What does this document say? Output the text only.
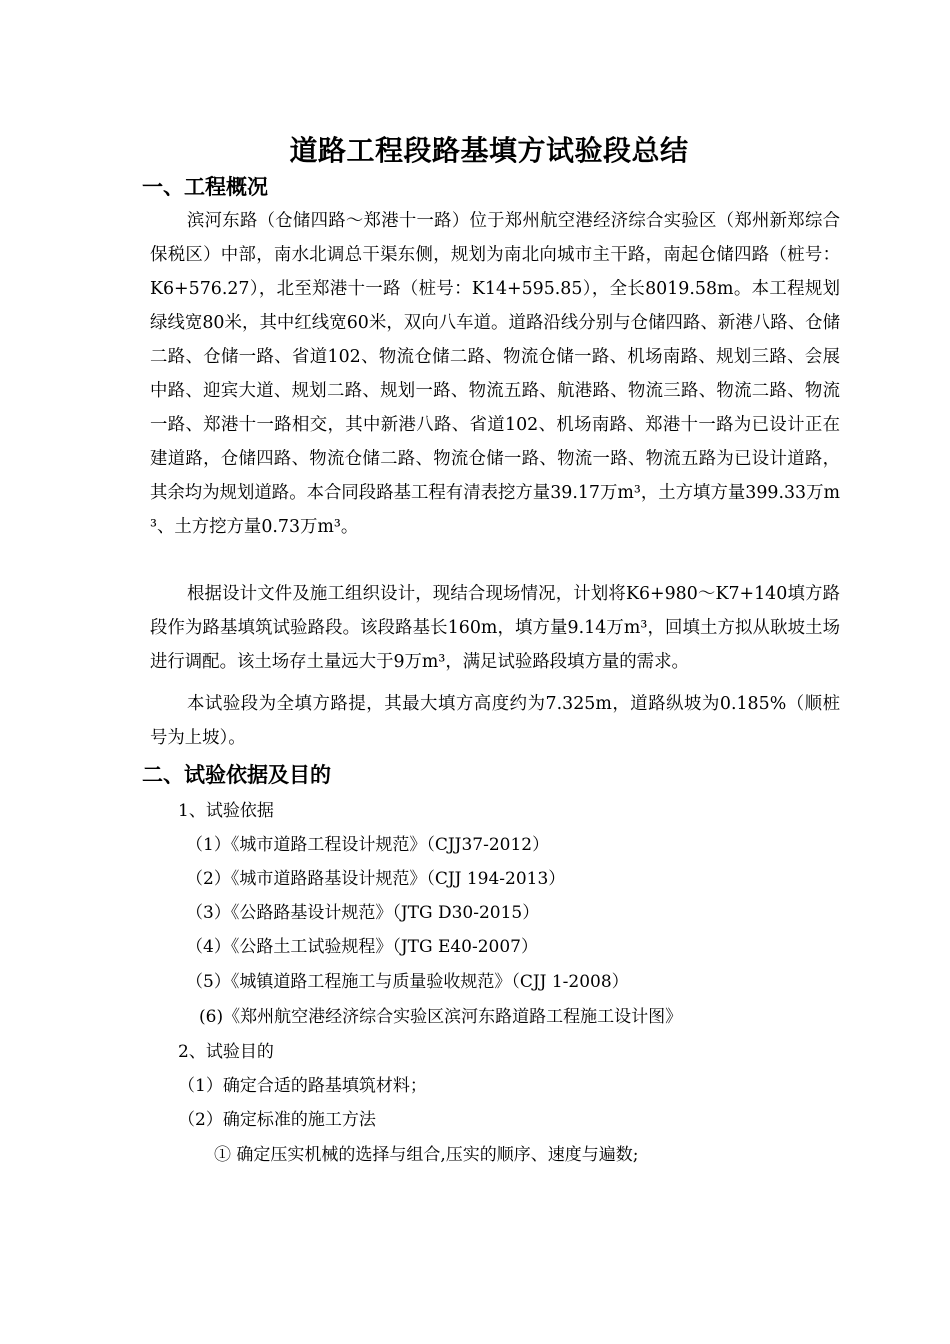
道路工程段路基填方试验段总结
一、工程概况
滨河东路（仓储四路～郑港十一路）位于郑州航空港经济综合实验区（郑州新郑综合保税区）中部，南水北调总干渠东侧，规划为南北向城市主干路，南起仓储四路（桩号：K6+576.27），北至郑港十一路（桩号：K14+595.85），全长8019.58m。本工程规划绿线宽80米，其中红线宽60米，双向八车道。道路沿线分别与仓储四路、新港八路、仓储二路、仓储一路、省道102、物流仓储二路、物流仓储一路、机场南路、规划三路、会展中路、迎宾大道、规划二路、规划一路、物流五路、航港路、物流三路、物流二路、物流一路、郑港十一路相交，其中新港八路、省道102、机场南路、郑港十一路为已设计正在建道路，仓储四路、物流仓储二路、物流仓储一路、物流一路、物流五路为已设计道路，其余均为规划道路。本合同段路基工程有清表挖方量39.17万m³，土方填方量399.33万m³、土方挖方量0.73万m³。
根据设计文件及施工组织设计，现结合现场情况，计划将K6+980～K7+140填方路段作为路基填筑试验路段。该段路基长160m，填方量9.14万m³，回填土方拟从耿坡土场进行调配。该土场存土量远大于9万m³，满足试验路段填方量的需求。
本试验段为全填方路提，其最大填方高度约为7.325m，道路纵坡为0.185%（顺桩号为上坡）。
二、试验依据及目的
1、试验依据
（1）《城市道路工程设计规范》（CJJ37-2012）
（2）《城市道路路基设计规范》（CJJ 194-2013）
（3）《公路路基设计规范》（JTG D30-2015）
（4）《公路土工试验规程》（JTG E40-2007）
（5）《城镇道路工程施工与质量验收规范》（CJJ 1-2008）
(6)《郑州航空港经济综合实验区滨河东路道路工程施工设计图》
2、试验目的
（1）确定合适的路基填筑材料；
（2）确定标准的施工方法
① 确定压实机械的选择与组合,压实的顺序、速度与遍数;
